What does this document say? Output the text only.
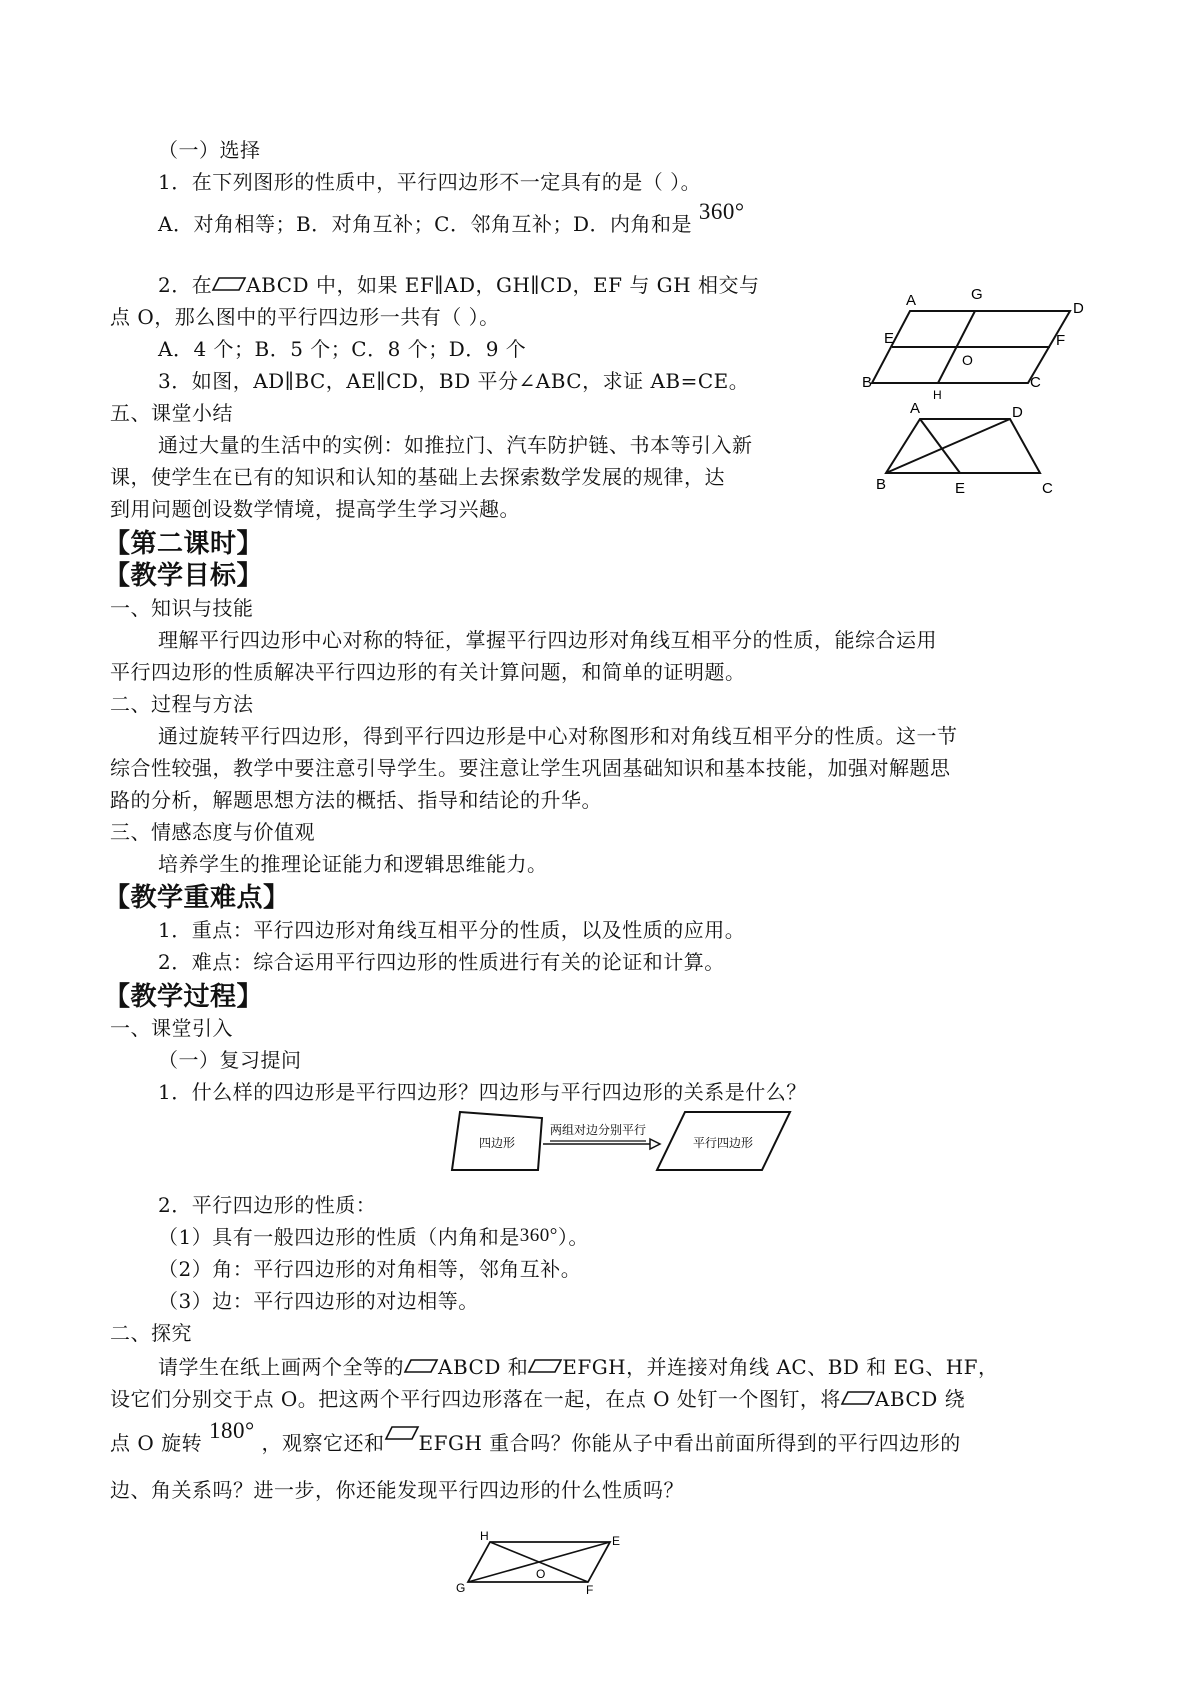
（一）选择
1．在下列图形的性质中，平行四边形不一定具有的是（ ）。
A．对角相等；B．对角互补；C．邻角互补；D．内角和是 360°
2．在 ABCD 中，如果 EF∥AD，GH∥CD，EF 与 GH 相交与
点 O，那么图中的平行四边形一共有（ ）。
A．4 个；B．5 个；C．8 个；D．9 个
3．如图，AD∥BC，AE∥CD，BD 平分∠ABC，求证 AB=CE。
A	G
D
E
O
F
B
H
C
五、课堂小结
通过大量的生活中的实例：如推拉门、汽车防护链、书本等引入新
课，使学生在已有的知识和认知的基础上去探索数学发展的规律，达
到用问题创设数学情境，提高学生学习兴趣。
A	D
B	E	C
【第二课时】
【教学目标】
一、知识与技能
理解平行四边形中心对称的特征，掌握平行四边形对角线互相平分的性质，能综合运用
平行四边形的性质解决平行四边形的有关计算问题，和简单的证明题。
二、过程与方法
通过旋转平行四边形，得到平行四边形是中心对称图形和对角线互相平分的性质。这一节
综合性较强，教学中要注意引导学生。要注意让学生巩固基础知识和基本技能，加强对解题思
路的分析，解题思想方法的概括、指导和结论的升华。
三、情感态度与价值观
培养学生的推理论证能力和逻辑思维能力。
【教学重难点】
1．重点：平行四边形对角线互相平分的性质，以及性质的应用。
2．难点：综合运用平行四边形的性质进行有关的论证和计算。
【教学过程】
一、课堂引入
（一）复习提问
1．什么样的四边形是平行四边形？四边形与平行四边形的关系是什么？
四边形
两组对边分别平行
平行四边形
2．平行四边形的性质：
（1）具有一般四边形的性质（内角和是360°）。
（2）角：平行四边形的对角相等，邻角互补。
（3）边：平行四边形的对边相等。
二、探究
请学生在纸上画两个全等的 ABCD 和 EFGH，并连接对角线 AC、BD 和 EG、HF，
设它们分别交于点 O。把这两个平行四边形落在一起，在点 O 处钉一个图钉，将 ABCD 绕
点 O 旋转 180° ，观察它还和 EFGH 重合吗？你能从子中看出前面所得到的平行四边形的
边、角关系吗？进一步，你还能发现平行四边形的什么性质吗？
H	E
O
G	F
